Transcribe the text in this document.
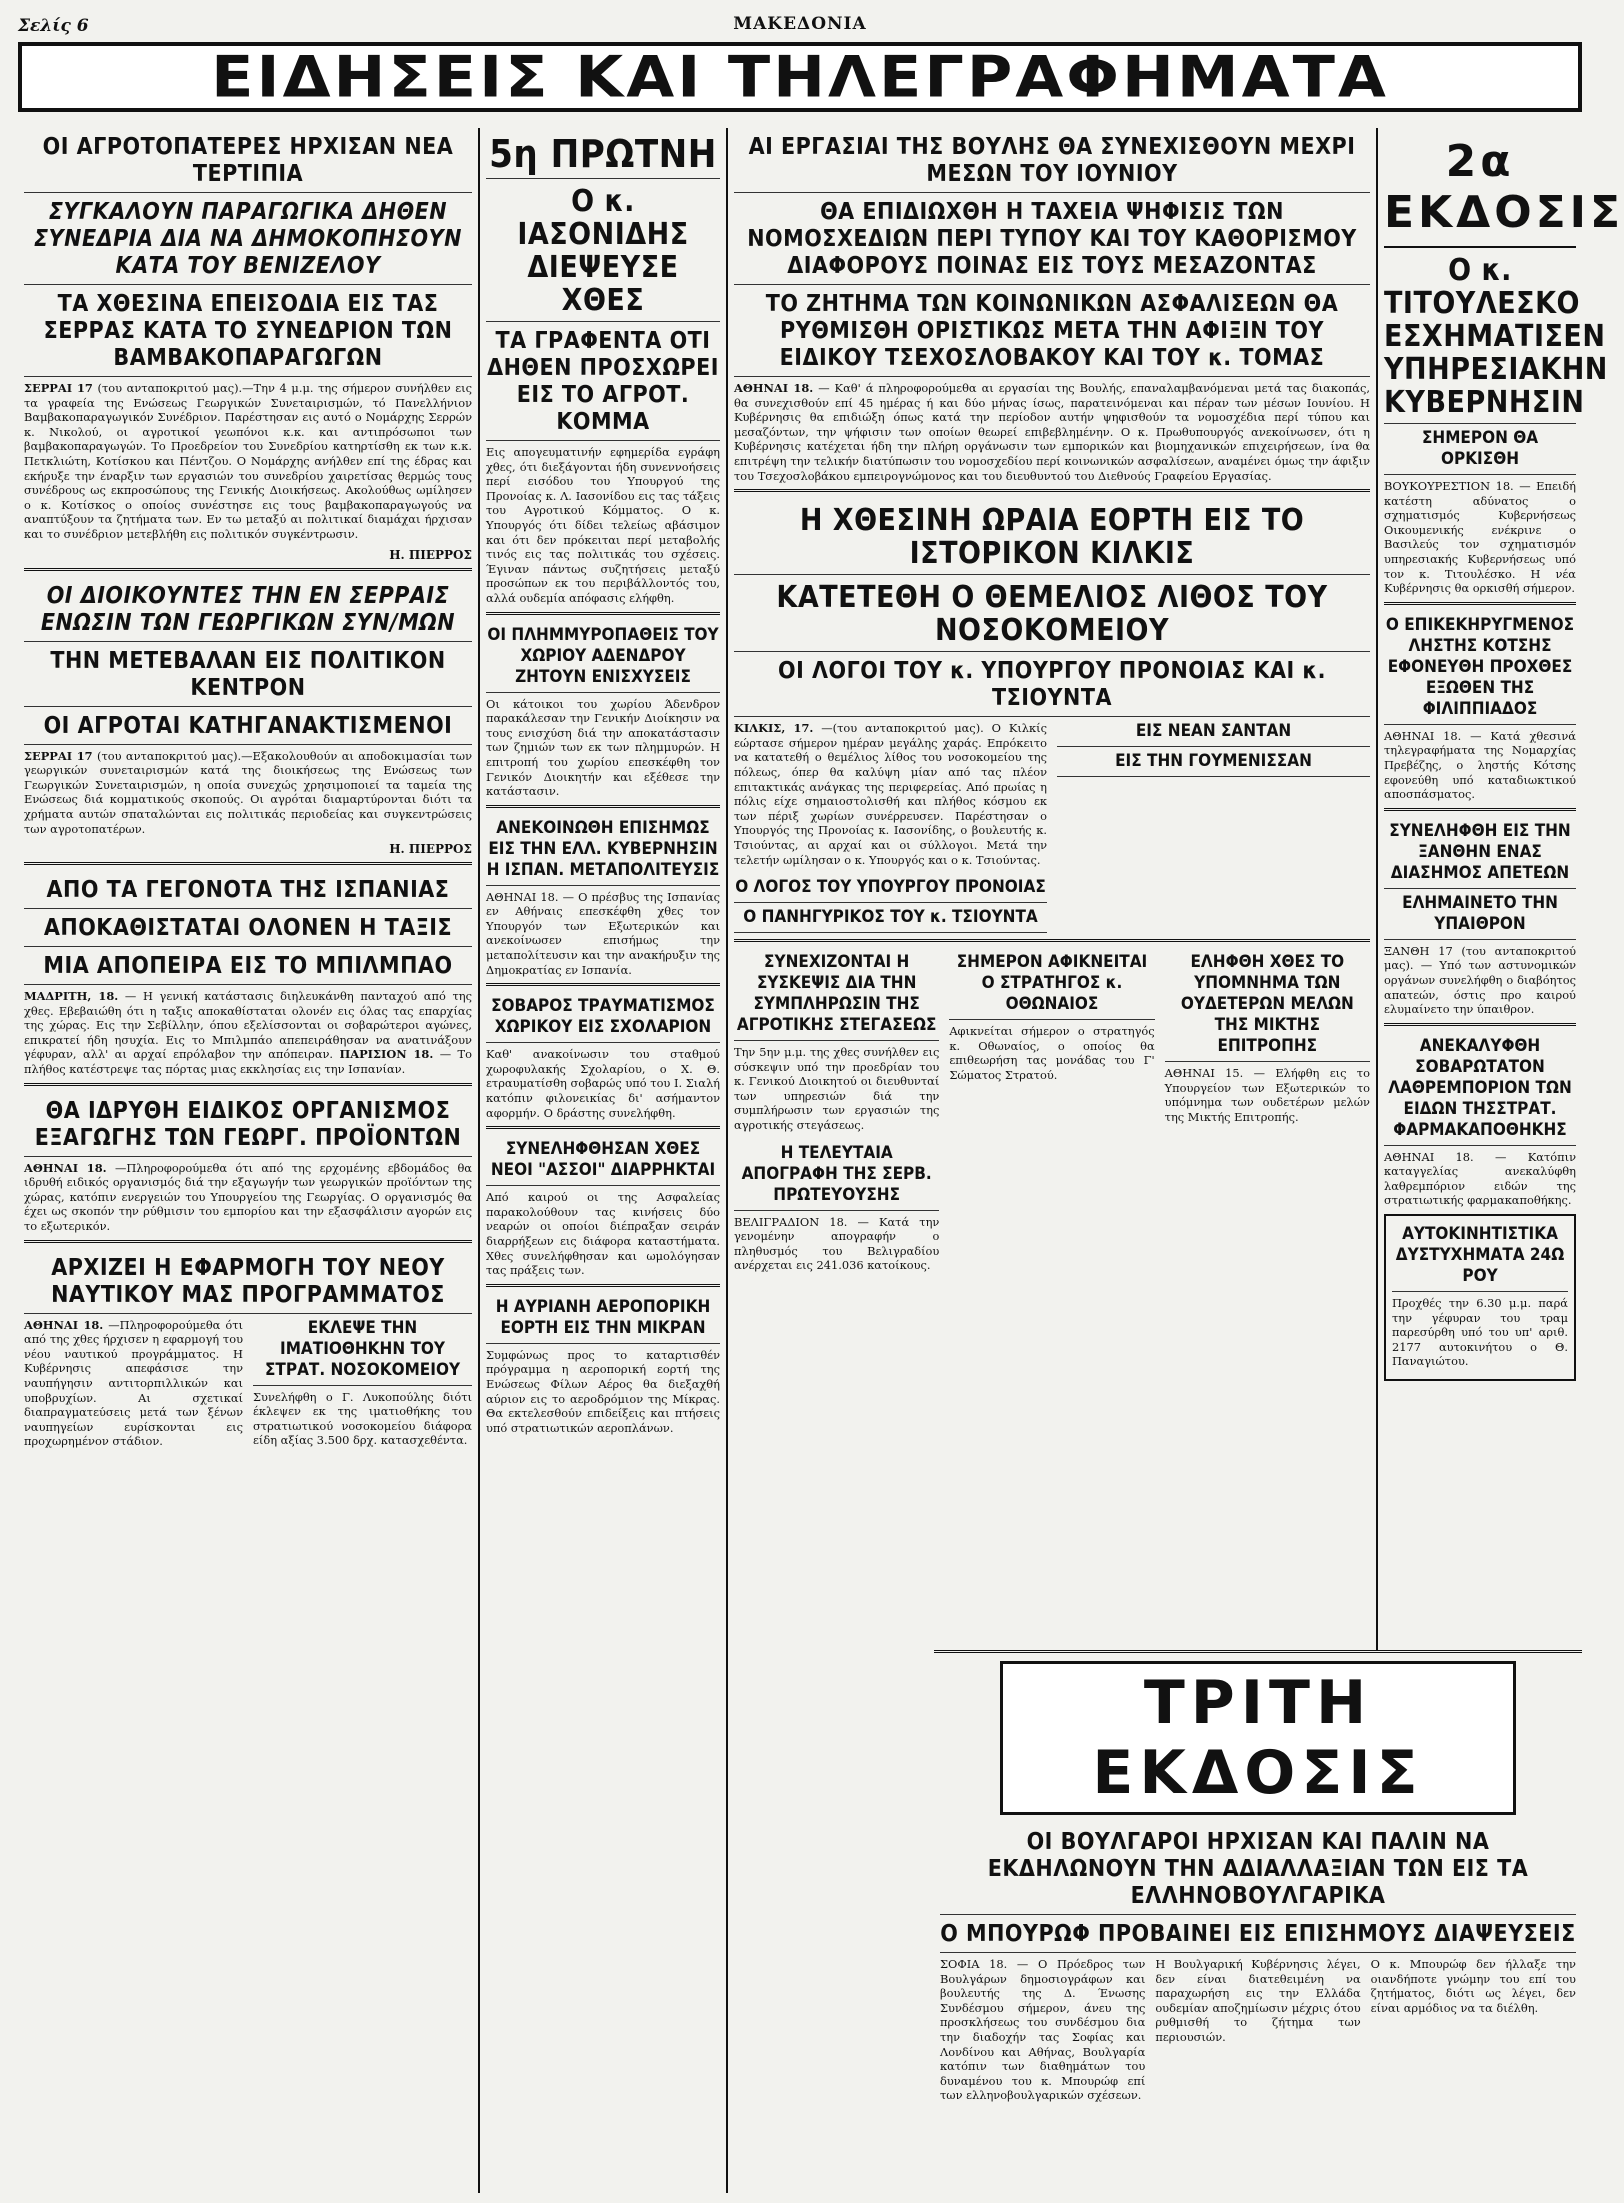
Σελίς 6	ΜΑΚΕΔΟΝΙΑ
ΕΙΔΗΣΕΙΣ ΚΑΙ ΤΗΛΕΓΡΑΦΗΜΑΤΑ
ΟΙ ΑΓΡΟΤΟΠΑΤΕΡΕΣ ΗΡΧΙΣΑΝ ΝΕΑ ΤΕΡΤΙΠΙΑ
ΣΥΓΚΑΛΟΥΝ ΠΑΡΑΓΩΓΙΚΑ ΔΗΘΕΝ ΣΥΝΕΔΡΙΑ ΔΙΑ ΝΑ ΔΗΜΟΚΟΠΗΣΟΥΝ ΚΑΤΑ ΤΟΥ ΒΕΝΙΖΕΛΟΥ
ΤΑ ΧΘΕΣΙΝΑ ΕΠΕΙΣΟΔΙΑ ΕΙΣ ΤΑΣ ΣΕΡΡΑΣ ΚΑΤΑ ΤΟ ΣΥΝΕΔΡΙΟΝ ΤΩΝ ΒΑΜΒΑΚΟΠΑΡΑΓΩΓΩΝ
ΣΕΡΡΑΙ 17 (του ανταποκριτού μας).—Την 4 μ.μ. της σήμερον συνήλθεν εις τα γραφεία της Ενώσεως Γεωργικών Συνεταιρισμών, τό Πανελλήνιον Βαμβακοπαραγωγικόν Συνέδριον. Παρέστησαν εις αυτό ο Νομάρχης Σερρών κ. Νικολού, οι αγροτικοί γεωπόνοι κ.κ. και αντιπρόσωποι των βαμβακοπαραγωγών. Το Προεδρείον του Συνεδρίου κατηρτίσθη εκ των κ.κ. Πετκλιώτη, Κοτίσκου και Πέντζου. Ο Νομάρχης ανήλθεν επί της έδρας και εκήρυξε την έναρξιν των εργασιών του συνεδρίου χαιρετίσας θερμώς τους συνέδρους ως εκπροσώπους της Γενικής Διοικήσεως. Ακολούθως ωμίλησεν ο κ. Κοτίσκος ο οποίος συνέστησε εις τους βαμβακοπαραγωγούς να αναπτύξουν τα ζητήματα των. Εν τω μεταξύ αι πολιτικαί διαμάχαι ήρχισαν και το συνέδριον μετεβλήθη εις πολιτικόν συγκέντρωσιν.
Η. ΠΙΕΡΡΟΣ
ΟΙ ΔΙΟΙΚΟΥΝΤΕΣ ΤΗΝ ΕΝ ΣΕΡΡΑΙΣ ΕΝΩΣΙΝ ΤΩΝ ΓΕΩΡΓΙΚΩΝ ΣΥΝ/ΜΩΝ
ΤΗΝ ΜΕΤΕΒΑΛΑΝ ΕΙΣ ΠΟΛΙΤΙΚΟΝ ΚΕΝΤΡΟΝ
ΟΙ ΑΓΡΟΤΑΙ ΚΑΤΗΓΑΝΑΚΤΙΣΜΕΝΟΙ
ΣΕΡΡΑΙ 17 (του ανταποκριτού μας).—Εξακολουθούν αι αποδοκιμασίαι των γεωργικών συνεταιρισμών κατά της διοικήσεως της Ενώσεως των Γεωργικών Συνεταιρισμών, η οποία συνεχώς χρησιμοποιεί τα ταμεία της Ενώσεως διά κομματικούς σκοπούς. Οι αγρόται διαμαρτύρονται διότι τα χρήματα αυτών σπαταλώνται εις πολιτικάς περιοδείας και συγκεντρώσεις των αγροτοπατέρων.
Η. ΠΙΕΡΡΟΣ
ΑΠΟ ΤΑ ΓΕΓΟΝΟΤΑ ΤΗΣ ΙΣΠΑΝΙΑΣ
ΑΠΟΚΑΘΙΣΤΑΤΑΙ ΟΛΟΝΕΝ Η ΤΑΞΙΣ
ΜΙΑ ΑΠΟΠΕΙΡΑ ΕΙΣ ΤΟ ΜΠΙΛΜΠΑΟ
ΜΑΔΡΙΤΗ, 18. — Η γενική κατάστασις διηλευκάνθη πανταχού από της χθες. Εβεβαιώθη ότι η ταξις αποκαθίσταται ολονέν εις όλας τας επαρχίας της χώρας. Εις την Σεβίλλην, όπου εξελίσσονται οι σοβαρώτεροι αγώνες, επικρατεί ήδη ησυχία. Εις το Μπιλμπάο απεπειράθησαν να ανατινάξουν γέφυραν, αλλ' αι αρχαί επρόλαβον την απόπειραν. ΠΑΡΙΣΙΟΝ 18. — Το πλήθος κατέστρεψε τας πόρτας μιας εκκλησίας εις την Ισπανίαν.
ΘΑ ΙΔΡΥΘΗ ΕΙΔΙΚΟΣ ΟΡΓΑΝΙΣΜΟΣ ΕΞΑΓΩΓΗΣ ΤΩΝ ΓΕΩΡΓ. ΠΡΟΪΟΝΤΩΝ
ΑΘΗΝΑΙ 18. —Πληροφορούμεθα ότι από της ερχομένης εβδομάδος θα ιδρυθή ειδικός οργανισμός διά την εξαγωγήν των γεωργικών προϊόντων της χώρας, κατόπιν ενεργειών του Υπουργείου της Γεωργίας. Ο οργανισμός θα έχει ως σκοπόν την ρύθμισιν του εμπορίου και την εξασφάλισιν αγορών εις το εξωτερικόν.
ΑΡΧΙΖΕΙ Η ΕΦΑΡΜΟΓΗ ΤΟΥ ΝΕΟΥ ΝΑΥΤΙΚΟΥ ΜΑΣ ΠΡΟΓΡΑΜΜΑΤΟΣ
ΑΘΗΝΑΙ 18. —Πληροφορούμεθα ότι από της χθες ήρχισεν η εφαρμογή του νέου ναυτικού προγράμματος. Η Κυβέρνησις απεφάσισε την ναυπήγησιν αντιτορπιλλικών και υποβρυχίων. Αι σχετικαί διαπραγματεύσεις μετά των ξένων ναυπηγείων ευρίσκονται εις προχωρημένον στάδιον.
ΕΚΛΕΨΕ ΤΗΝ ΙΜΑΤΙΟΘΗΚΗΝ ΤΟΥ ΣΤΡΑΤ. ΝΟΣΟΚΟΜΕΙΟΥ
Συνελήφθη ο Γ. Λυκοπούλης διότι έκλεψεν εκ της ιματιοθήκης του στρατιωτικού νοσοκομείου διάφορα είδη αξίας 3.500 δρχ. κατασχεθέντα.
5η ΠΡΩΤΝΗ
Ο κ. ΙΑΣΟΝΙΔΗΣ ΔΙΕΨΕΥΣΕ ΧΘΕΣ
ΤΑ ΓΡΑΦΕΝΤΑ ΟΤΙ ΔΗΘΕΝ ΠΡΟΣΧΩΡΕΙ ΕΙΣ ΤΟ ΑΓΡΟΤ. ΚΟΜΜΑ
Εις απογευματινήν εφημερίδα εγράφη χθες, ότι διεξάγονται ήδη συνεννοήσεις περί εισόδου του Υπουργού της Προνοίας κ. Λ. Ιασονίδου εις τας τάξεις του Αγροτικού Κόμματος. Ο κ. Υπουργός ότι δίδει τελείως αβάσιμον και ότι δεν πρόκειται περί μεταβολής τινός εις τας πολιτικάς του σχέσεις. Έγιναν πάντως συζητήσεις μεταξύ προσώπων εκ του περιβάλλοντός του, αλλά ουδεμία απόφασις ελήφθη.
ΟΙ ΠΛΗΜΜΥΡΟΠΑΘΕΙΣ ΤΟΥ ΧΩΡΙΟΥ ΑΔΕΝΔΡΟΥ ΖΗΤΟΥΝ ΕΝΙΣΧΥΣΕΙΣ
Οι κάτοικοι του χωρίου Άδενδρον παρακάλεσαν την Γενικήν Διοίκησιν να τους ενισχύση διά την αποκατάστασιν των ζημιών των εκ των πλημμυρών. Η επιτροπή του χωρίου επεσκέφθη τον Γενικόν Διοικητήν και εξέθεσε την κατάστασιν.
ΑΝΕΚΟΙΝΩΘΗ ΕΠΙΣΗΜΩΣ ΕΙΣ ΤΗΝ ΕΛΛ. ΚΥΒΕΡΝΗΣΙΝ Η ΙΣΠΑΝ. ΜΕΤΑΠΟΛΙΤΕΥΣΙΣ
ΑΘΗΝΑΙ 18. — Ο πρέσβυς της Ισπανίας εν Αθήναις επεσκέφθη χθες τον Υπουργόν των Εξωτερικών και ανεκοίνωσεν επισήμως την μεταπολίτευσιν και την ανακήρυξιν της Δημοκρατίας εν Ισπανία.
ΣΟΒΑΡΟΣ ΤΡΑΥΜΑΤΙΣΜΟΣ ΧΩΡΙΚΟΥ ΕΙΣ ΣΧΟΛΑΡΙΟΝ
Καθ' ανακοίνωσιν του σταθμού χωροφυλακής Σχολαρίου, ο Χ. Θ. ετραυματίσθη σοβαρώς υπό του Ι. Σιαλή κατόπιν φιλονεικίας δι' ασήμαντον αφορμήν. Ο δράστης συνελήφθη.
ΣΥΝΕΛΗΦΘΗΣΑΝ ΧΘΕΣ ΝΕΟΙ "ΑΣΣΟΙ" ΔΙΑΡΡΗΚΤΑΙ
Από καιρού οι της Ασφαλείας παρακολούθουν τας κινήσεις δύο νεαρών οι οποίοι διέπραξαν σειράν διαρρήξεων εις διάφορα καταστήματα. Χθες συνελήφθησαν και ωμολόγησαν τας πράξεις των.
Η ΑΥΡΙΑΝΗ ΑΕΡΟΠΟΡΙΚΗ ΕΟΡΤΗ ΕΙΣ ΤΗΝ ΜΙΚΡΑΝ
Συμφώνως προς το καταρτισθέν πρόγραμμα η αεροπορική εορτή της Ενώσεως Φίλων Αέρος θα διεξαχθή αύριον εις το αεροδρόμιον της Μίκρας. Θα εκτελεσθούν επιδείξεις και πτήσεις υπό στρατιωτικών αεροπλάνων.
ΑΙ ΕΡΓΑΣΙΑΙ ΤΗΣ ΒΟΥΛΗΣ ΘΑ ΣΥΝΕΧΙΣΘΟΥΝ ΜΕΧΡΙ ΜΕΣΩΝ ΤΟΥ ΙΟΥΝΙΟΥ
ΘΑ ΕΠΙΔΙΩΧΘΗ Η ΤΑΧΕΙΑ ΨΗΦΙΣΙΣ ΤΩΝ ΝΟΜΟΣΧΕΔΙΩΝ ΠΕΡΙ ΤΥΠΟΥ ΚΑΙ ΤΟΥ ΚΑΘΟΡΙΣΜΟΥ ΔΙΑΦΟΡΟΥΣ ΠΟΙΝΑΣ ΕΙΣ ΤΟΥΣ ΜΕΣΑΖΟΝΤΑΣ
ΤΟ ΖΗΤΗΜΑ ΤΩΝ ΚΟΙΝΩΝΙΚΩΝ ΑΣΦΑΛΙΣΕΩΝ ΘΑ ΡΥΘΜΙΣΘΗ ΟΡΙΣΤΙΚΩΣ ΜΕΤΑ ΤΗΝ ΑΦΙΞΙΝ ΤΟΥ ΕΙΔΙΚΟΥ ΤΣΕΧΟΣΛΟΒΑΚΟΥ ΚΑΙ ΤΟΥ κ. ΤΟΜΑΣ
ΑΘΗΝΑΙ 18. — Καθ' ά πληροφορούμεθα αι εργασίαι της Βουλής, επαναλαμβανόμεναι μετά τας διακοπάς, θα συνεχισθούν επί 45 ημέρας ή και δύο μήνας ίσως, παρατεινόμεναι και πέραν των μέσων Ιουνίου. Η Κυβέρνησις θα επιδιώξη όπως κατά την περίοδον αυτήν ψηφισθούν τα νομοσχέδια περί τύπου και μεσαζόντων, την ψήφισιν των οποίων θεωρεί επιβεβλημένην. Ο κ. Πρωθυπουργός ανεκοίνωσεν, ότι η Κυβέρνησις κατέχεται ήδη την πλήρη οργάνωσιν των εμπορικών και βιομηχανικών επιχειρήσεων, ίνα θα επιτρέψη την τελικήν διατύπωσιν του νομοσχεδίου περί κοινωνικών ασφαλίσεων, αναμένει όμως την άφιξιν του Τσεχοσλοβάκου εμπειρογνώμονος και του διευθυντού του Διεθνούς Γραφείου Εργασίας.
Η ΧΘΕΣΙΝΗ ΩΡΑΙΑ ΕΟΡΤΗ ΕΙΣ ΤΟ ΙΣΤΟΡΙΚΟΝ ΚΙΛΚΙΣ
ΚΑΤΕΤΕΘΗ Ο ΘΕΜΕΛΙΟΣ ΛΙΘΟΣ ΤΟΥ ΝΟΣΟΚΟΜΕΙΟΥ
ΟΙ ΛΟΓΟΙ ΤΟΥ κ. ΥΠΟΥΡΓΟΥ ΠΡΟΝΟΙΑΣ ΚΑΙ κ. ΤΣΙΟΥΝΤΑ
ΚΙΛΚΙΣ, 17. —(του ανταποκριτού μας). Ο Κιλκίς εώρτασε σήμερον ημέραν μεγάλης χαράς. Επρόκειτο να κατατεθή ο θεμέλιος λίθος του νοσοκομείου της πόλεως, όπερ θα καλύψη μίαν από τας πλέον επιτακτικάς ανάγκας της περιφερείας. Από πρωίας η πόλις είχε σημαιοστολισθή και πλήθος κόσμου εκ των πέριξ χωρίων συνέρρευσεν. Παρέστησαν ο Υπουργός της Προνοίας κ. Ιασονίδης, ο βουλευτής κ. Τσιούντας, αι αρχαί και οι σύλλογοι. Μετά την τελετήν ωμίλησαν ο κ. Υπουργός και ο κ. Τσιούντας.
Ο ΛΟΓΟΣ ΤΟΥ ΥΠΟΥΡΓΟΥ ΠΡΟΝΟΙΑΣ
Ο ΠΑΝΗΓΥΡΙΚΟΣ ΤΟΥ κ. ΤΣΙΟΥΝΤΑ
ΕΙΣ ΝΕΑΝ ΣΑΝΤΑΝ
ΕΙΣ ΤΗΝ ΓΟΥΜΕΝΙΣΣΑΝ
ΣΥΝΕΧΙΖΟΝΤΑΙ Η ΣΥΣΚΕΨΙΣ ΔΙΑ ΤΗΝ ΣΥΜΠΛΗΡΩΣΙΝ ΤΗΣ ΑΓΡΟΤΙΚΗΣ ΣΤΕΓΑΣΕΩΣ
Την 5ην μ.μ. της χθες συνήλθεν εις σύσκεψιν υπό την προεδρίαν του κ. Γενικού Διοικητού οι διευθυνταί των υπηρεσιών διά την συμπλήρωσιν των εργασιών της αγροτικής στεγάσεως.
Η ΤΕΛΕΥΤΑΙΑ ΑΠΟΓΡΑΦΗ ΤΗΣ ΣΕΡΒ. ΠΡΩΤΕΥΟΥΣΗΣ
ΒΕΛΙΓΡΑΔΙΟΝ 18. — Κατά την γενομένην απογραφήν ο πληθυσμός του Βελιγραδίου ανέρχεται εις 241.036 κατοίκους.
ΣΗΜΕΡΟΝ ΑΦΙΚΝΕΙΤΑΙ Ο ΣΤΡΑΤΗΓΟΣ κ. ΟΘΩΝΑΙΟΣ
Αφικνείται σήμερον ο στρατηγός κ. Οθωναίος, ο οποίος θα επιθεωρήση τας μονάδας του Γ' Σώματος Στρατού.
ΕΛΗΦΘΗ ΧΘΕΣ ΤΟ ΥΠΟΜΝΗΜΑ ΤΩΝ ΟΥΔΕΤΕΡΩΝ ΜΕΛΩΝ ΤΗΣ ΜΙΚΤΗΣ ΕΠΙΤΡΟΠΗΣ
ΑΘΗΝΑΙ 15. — Ελήφθη εις το Υπουργείον των Εξωτερικών το υπόμνημα των ουδετέρων μελών της Μικτής Επιτροπής.
2α ΕΚΔΟΣΙΣ
Ο κ. ΤΙΤΟΥΛΕΣΚΟ ΕΣΧΗΜΑΤΙΣΕΝ ΥΠΗΡΕΣΙΑΚΗΝ ΚΥΒΕΡΝΗΣΙΝ
ΣΗΜΕΡΟΝ ΘΑ ΟΡΚΙΣΘΗ
ΒΟΥΚΟΥΡΕΣΤΙΟΝ 18. — Επειδή κατέστη αδύνατος ο σχηματισμός Κυβερνήσεως Οικουμενικής ενέκρινε ο Βασιλεύς τον σχηματισμόν υπηρεσιακής Κυβερνήσεως υπό τον κ. Τιτουλέσκο. Η νέα Κυβέρνησις θα ορκισθή σήμερον.
Ο ΕΠΙΚΕΚΗΡΥΓΜΕΝΟΣ ΛΗΣΤΗΣ ΚΟΤΣΗΣ ΕΦΟΝΕΥΘΗ ΠΡΟΧΘΕΣ ΕΞΩΘΕΝ ΤΗΣ ΦΙΛΙΠΠΙΑΔΟΣ
ΑΘΗΝΑΙ 18. — Κατά χθεσινά τηλεγραφήματα της Νομαρχίας Πρεβέζης, ο ληστής Κότσης εφονεύθη υπό καταδιωκτικού αποσπάσματος.
ΣΥΝΕΛΗΦΘΗ ΕΙΣ ΤΗΝ ΞΑΝΘΗΝ ΕΝΑΣ ΔΙΑΣΗΜΟΣ ΑΠΕΤΕΩΝ
ΕΛΗΜΑΙΝΕΤΟ ΤΗΝ ΥΠΑΙΘΡΟΝ
ΞΑΝΘΗ 17 (του ανταποκριτού μας). — Υπό των αστυνομικών οργάνων συνελήφθη ο διαβόητος απατεών, όστις προ καιρού ελυμαίνετο την ύπαιθρον.
ΑΝΕΚΑΛΥΦΘΗ ΣΟΒΑΡΩΤΑΤΟΝ ΛΑΘΡΕΜΠΟΡΙΟΝ ΤΩΝ ΕΙΔΩΝ ΤΗΣΣΤΡΑΤ. ΦΑΡΜΑΚΑΠΟΘΗΚΗΣ
ΑΘΗΝΑΙ 18. — Κατόπιν καταγγελίας ανεκαλύφθη λαθρεμπόριον ειδών της στρατιωτικής φαρμακαποθήκης.
ΑΥΤΟΚΙΝΗΤΙΣΤΙΚΑ ΔΥΣΤΥΧΗΜΑΤΑ 24Ω ΡΟΥ
Προχθές την 6.30 μ.μ. παρά την γέφυραν του τραμ παρεσύρθη υπό του υπ' αριθ. 2177 αυτοκινήτου ο Θ. Παναγιώτου.
ΤΡΙΤΗ ΕΚΔΟΣΙΣ
ΟΙ ΒΟΥΛΓΑΡΟΙ ΗΡΧΙΣΑΝ ΚΑΙ ΠΑΛΙΝ ΝΑ ΕΚΔΗΛΩΝΟΥΝ ΤΗΝ ΑΔΙΑΛΛΑΞΙΑΝ ΤΩΝ ΕΙΣ ΤΑ ΕΛΛΗΝΟΒΟΥΛΓΑΡΙΚΑ
Ο ΜΠΟΥΡΩΦ ΠΡΟΒΑΙΝΕΙ ΕΙΣ ΕΠΙΣΗΜΟΥΣ ΔΙΑΨΕΥΣΕΙΣ
ΣΟΦΙΑ 18. — Ο Πρόεδρος των Βουλγάρων δημοσιογράφων και βουλευτής της Δ. Ένωσης Συνδέσμου σήμερον, άνευ της προσκλήσεως του συνδέσμου δια την διαδοχήν τας Σοφίας και Λονδίνου και Αθήνας, Βουλγαρία κατόπιν των διαθημάτων του δυναμένου του κ. Μπουρώφ επί των ελληνοβουλγαρικών σχέσεων.
Η Βουλγαρική Κυβέρνησις λέγει, δεν είναι διατεθειμένη να παραχωρήση εις την Ελλάδα ουδεμίαν αποζημίωσιν μέχρις ότου ρυθμισθή το ζήτημα των περιουσιών.
Ο κ. Μπουρώφ δεν ήλλαξε την οιανδήποτε γνώμην του επί του ζητήματος, διότι ως λέγει, δεν είναι αρμόδιος να τα διέλθη.
